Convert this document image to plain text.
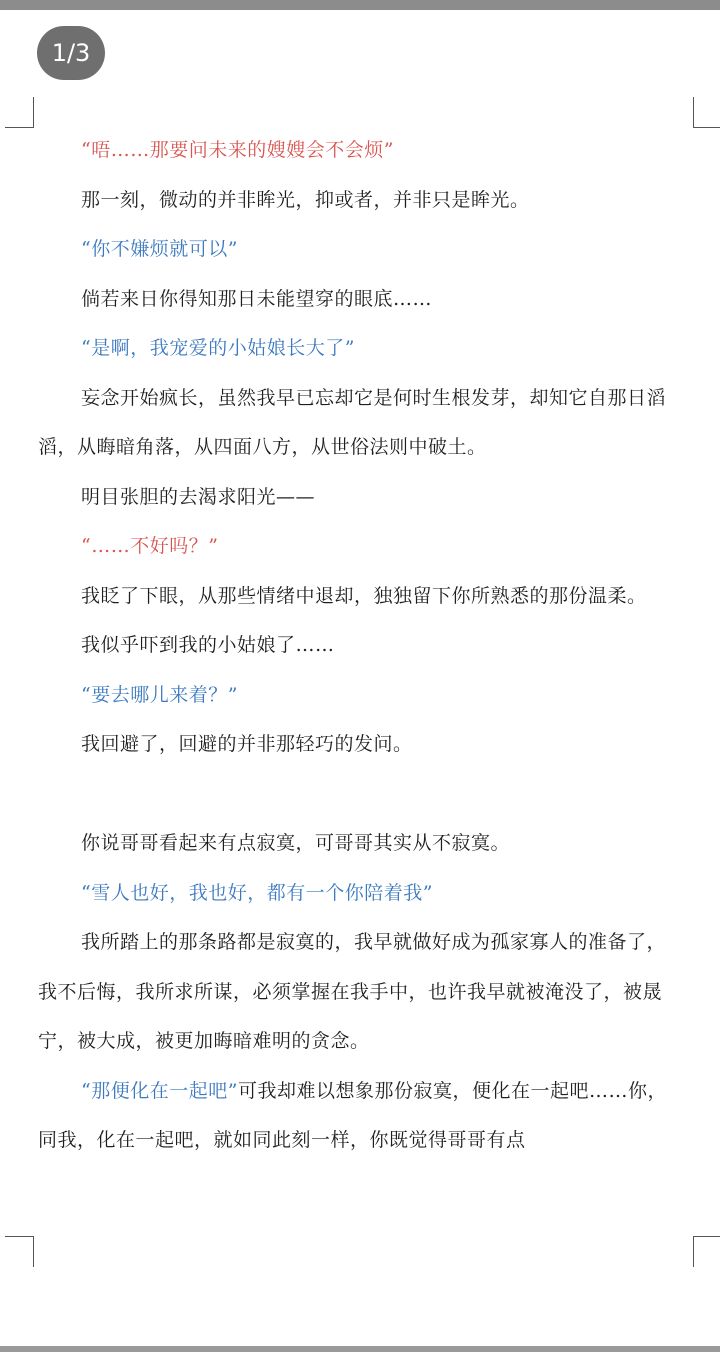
1/3

“唔……那要问未来的嫂嫂会不会烦”

那一刻，微动的并非眸光，抑或者，并非只是眸光。

“你不嫌烦就可以”

倘若来日你得知那日未能望穿的眼底……

“是啊，我宠爱的小姑娘长大了”

妄念开始疯长，虽然我早已忘却它是何时生根发芽，却知它自那日滔滔，从晦暗角落，从四面八方，从世俗法则中破土。

明目张胆的去渴求阳光——

“……不好吗？”

我眨了下眼，从那些情绪中退却，独独留下你所熟悉的那份温柔。

我似乎吓到我的小姑娘了……

“要去哪儿来着？”

我回避了，回避的并非那轻巧的发问。

你说哥哥看起来有点寂寞，可哥哥其实从不寂寞。

“雪人也好，我也好，都有一个你陪着我”

我所踏上的那条路都是寂寞的，我早就做好成为孤家寡人的准备了，我不后悔，我所求所谋，必须掌握在我手中，也许我早就被淹没了，被晟宁，被大成，被更加晦暗难明的贪念。

“那便化在一起吧”可我却难以想象那份寂寞，便化在一起吧……你，同我，化在一起吧，就如同此刻一样，你既觉得哥哥有点
